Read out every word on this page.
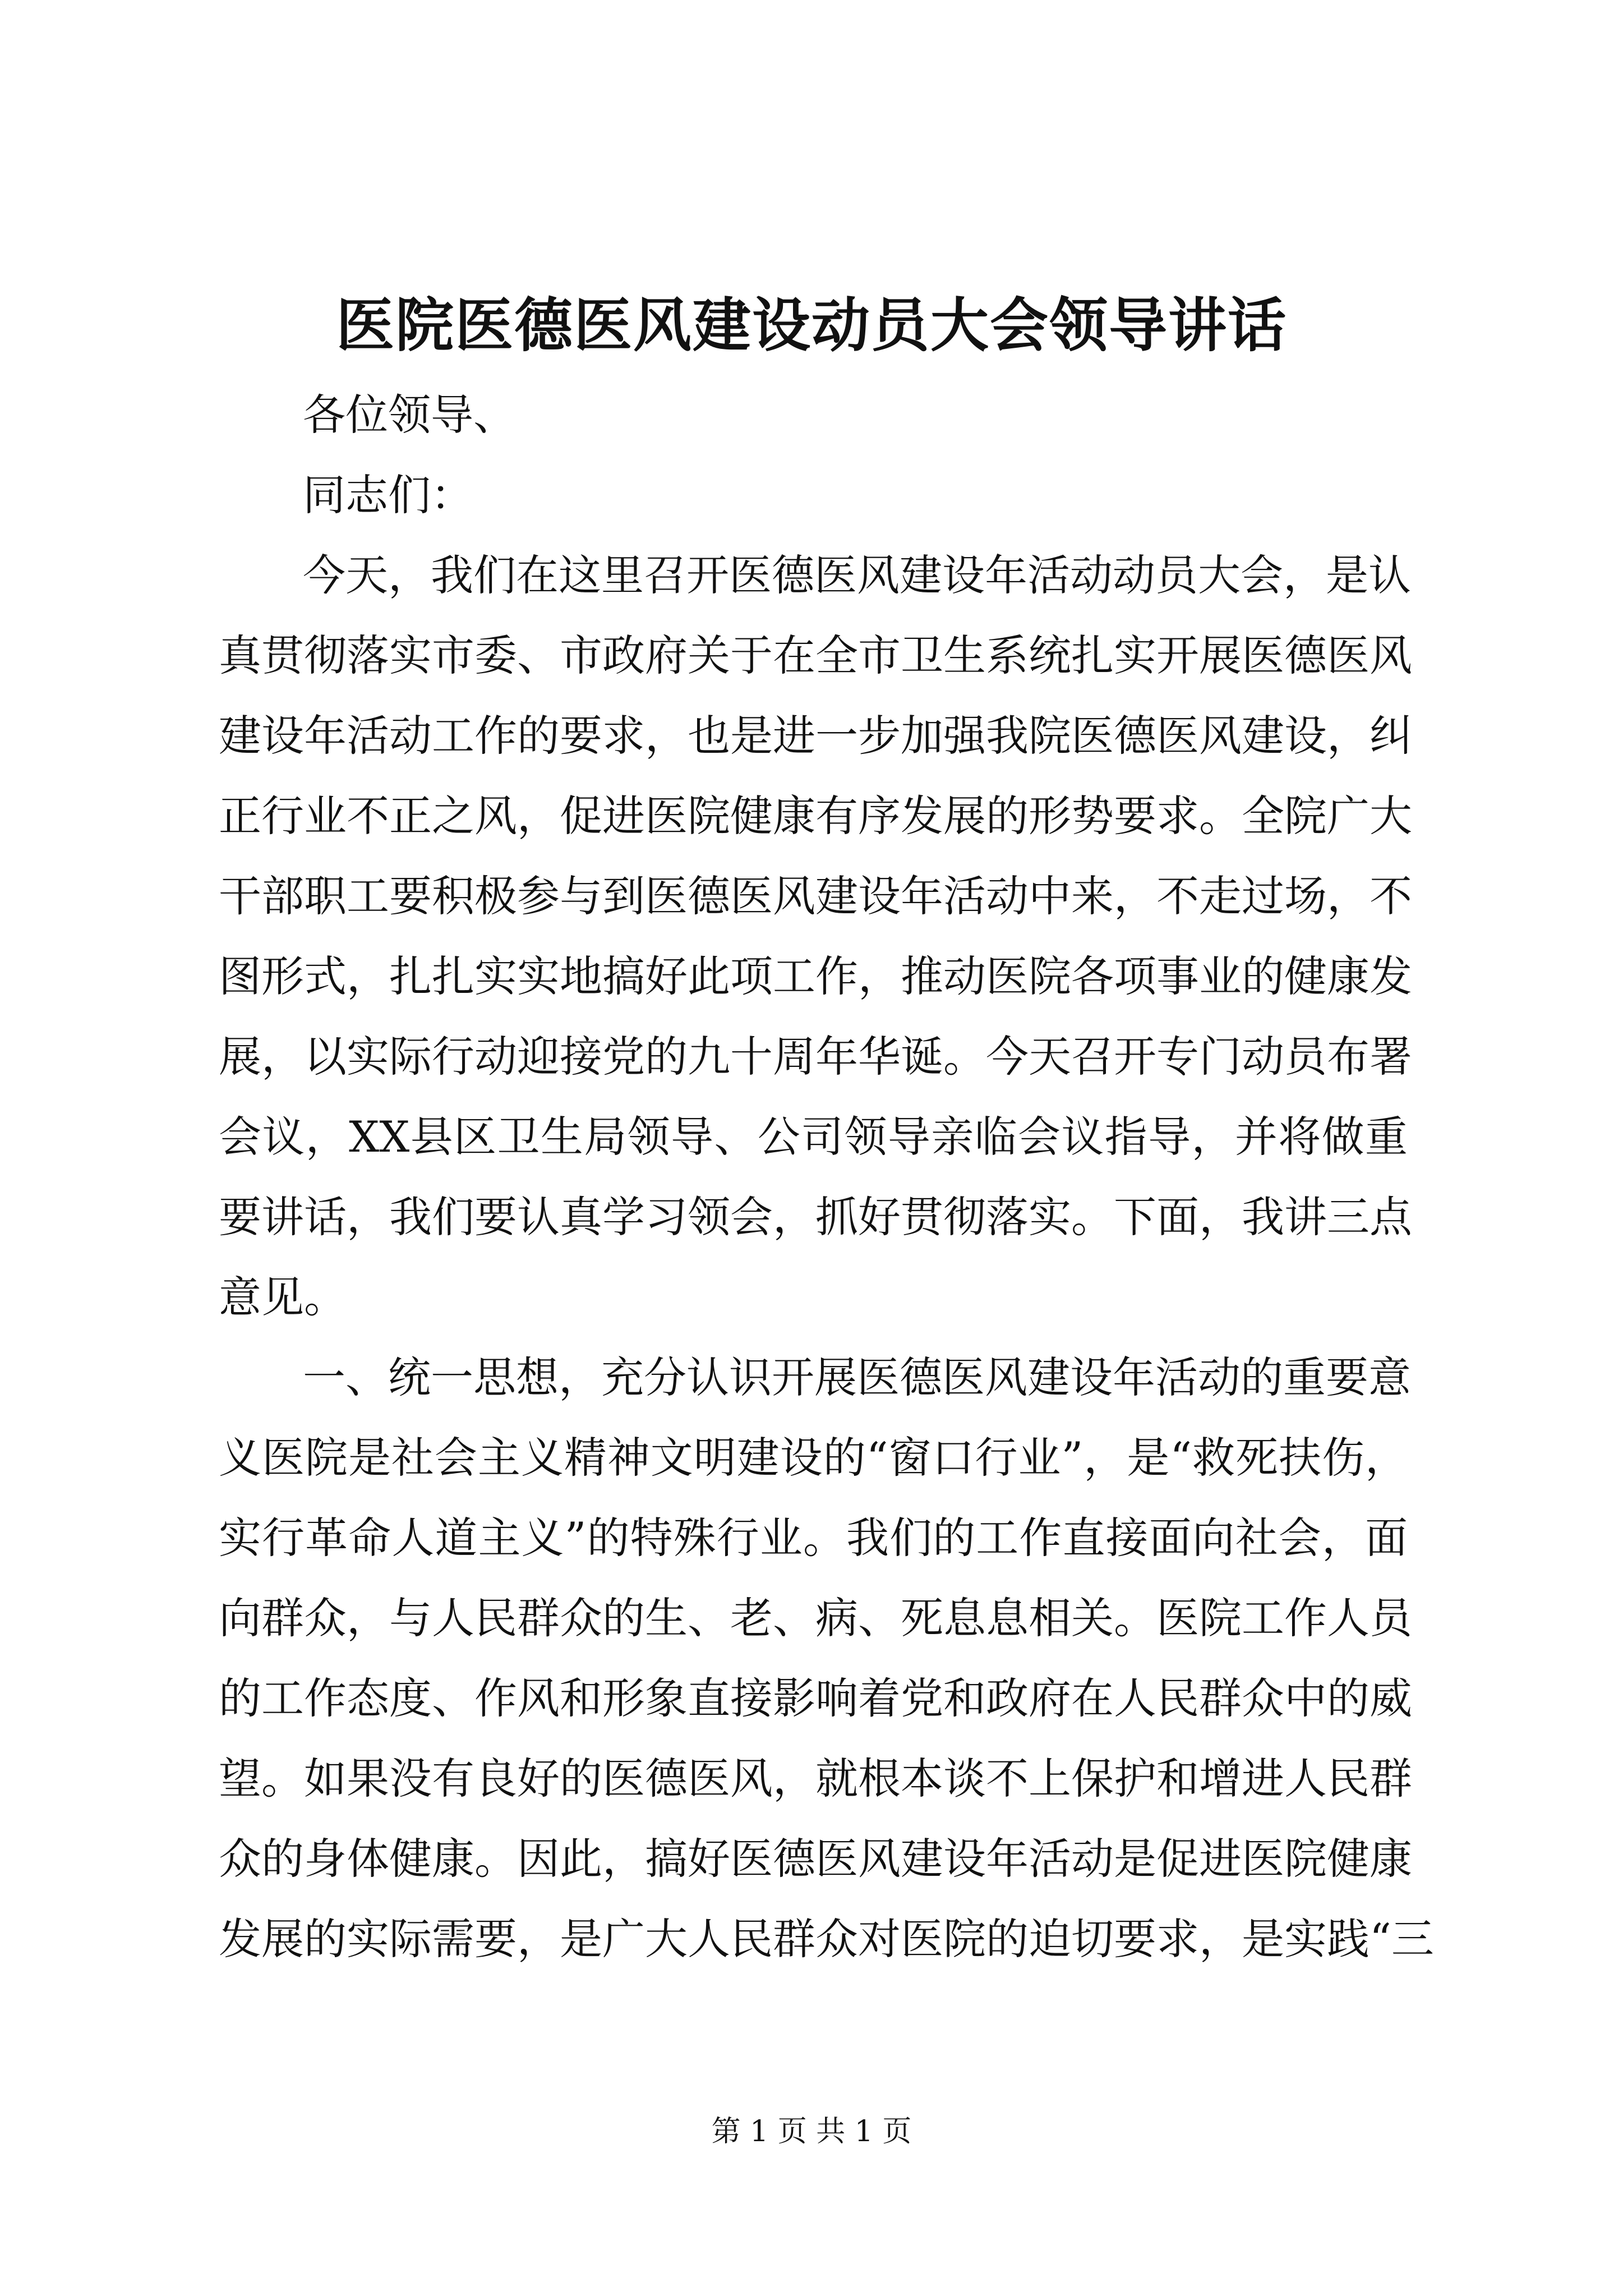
医院医德医风建设动员大会领导讲话
各位领导、
同志们：
今天，我们在这里召开医德医风建设年活动动员大会，是认
真贯彻落实市委、市政府关于在全市卫生系统扎实开展医德医风
建设年活动工作的要求，也是进一步加强我院医德医风建设，纠
正行业不正之风，促进医院健康有序发展的形势要求。全院广大
干部职工要积极参与到医德医风建设年活动中来，不走过场，不
图形式，扎扎实实地搞好此项工作，推动医院各项事业的健康发
展，以实际行动迎接党的九十周年华诞。今天召开专门动员布署
会议，XX县区卫生局领导、公司领导亲临会议指导，并将做重
要讲话，我们要认真学习领会，抓好贯彻落实。下面，我讲三点
意见。
一、统一思想，充分认识开展医德医风建设年活动的重要意
义医院是社会主义精神文明建设的“窗口行业”，是“救死扶伤，
实行革命人道主义”的特殊行业。我们的工作直接面向社会，面
向群众，与人民群众的生、老、病、死息息相关。医院工作人员
的工作态度、作风和形象直接影响着党和政府在人民群众中的威
望。如果没有良好的医德医风，就根本谈不上保护和增进人民群
众的身体健康。因此，搞好医德医风建设年活动是促进医院健康
发展的实际需要，是广大人民群众对医院的迫切要求，是实践“三
第 1 页 共 1 页
